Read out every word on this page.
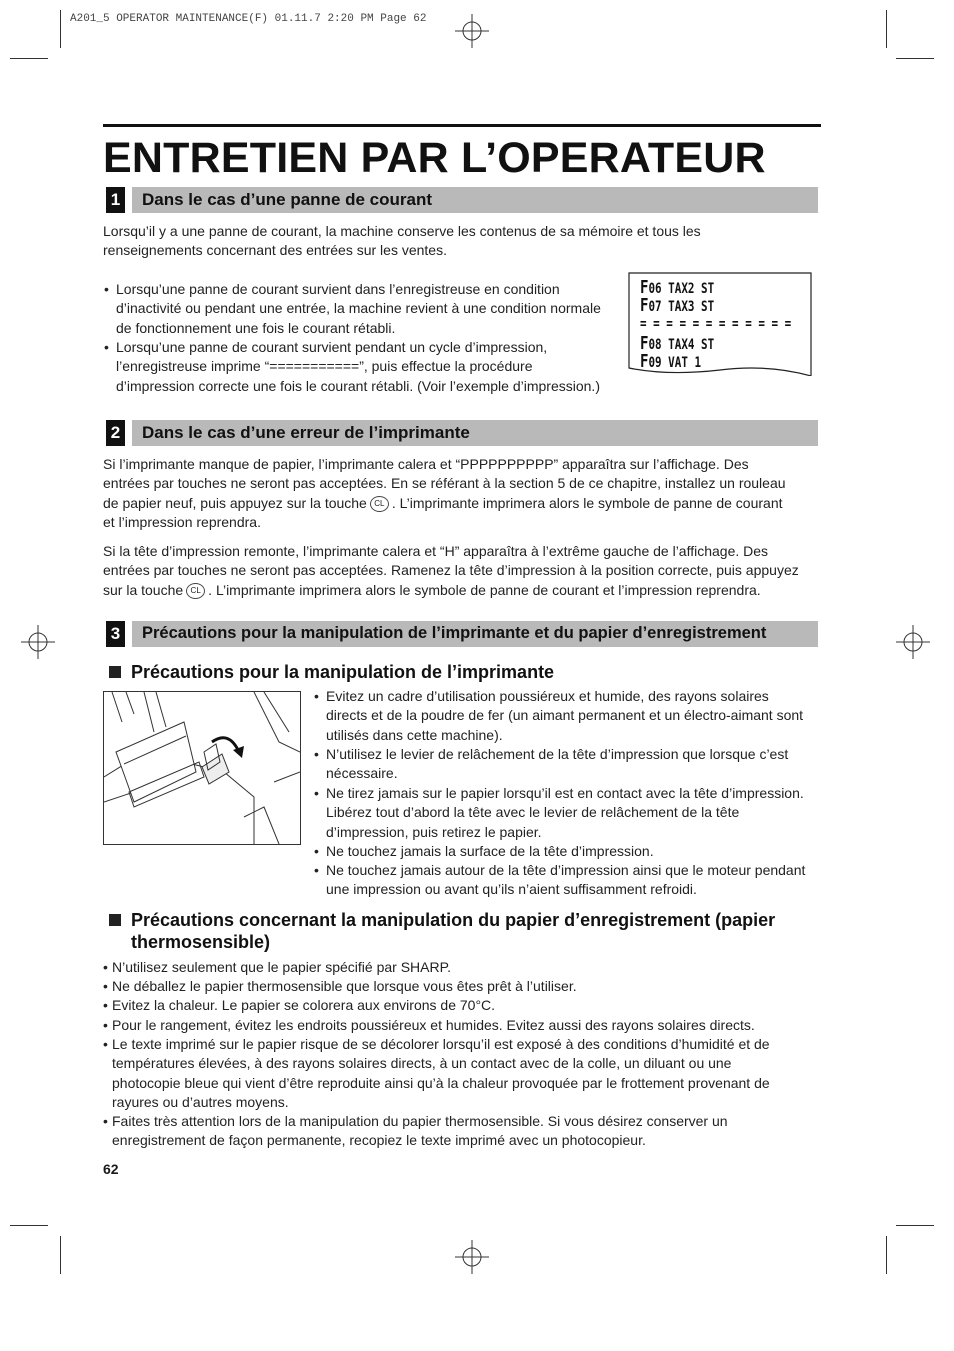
A201_5 OPERATOR MAINTENANCE(F) 01.11.7 2:20 PM Page 62
ENTRETIEN PAR L’OPERATEUR
1 Dans le cas d’une panne de courant
Lorsqu’il y a une panne de courant, la machine conserve les contenus de sa mémoire et tous les
renseignements concernant des entrées sur les ventes.
• Lorsqu’une panne de courant survient dans l’enregistreuse en condition
d’inactivité ou pendant une entrée, la machine revient à une condition normale
de fonctionnement une fois le courant rétabli.
• Lorsqu’une panne de courant survient pendant un cycle d’impression,
l’enregistreuse imprime “===========”, puis effectue la procédure
d’impression correcte une fois le courant rétabli. (Voir l’exemple d’impression.)
F06 TAX2 ST
F07 TAX3 ST
= = = = = = = = = = = =
F08 TAX4 ST
F09 VAT 1
2 Dans le cas d’une erreur de l’imprimante
Si l’imprimante manque de papier, l’imprimante calera et “PPPPPPPPPP” apparaîtra sur l’affichage. Des
entrées par touches ne seront pas acceptées. En se référant à la section 5 de ce chapitre, installez un rouleau
de papier neuf, puis appuyez sur la touche CL . L’imprimante imprimera alors le symbole de panne de courant
et l’impression reprendra.
Si la tête d’impression remonte, l’imprimante calera et “H” apparaîtra à l’extrême gauche de l’affichage. Des
entrées par touches ne seront pas acceptées. Ramenez la tête d’impression à la position correcte, puis appuyez
sur la touche CL . L’imprimante imprimera alors le symbole de panne de courant et l’impression reprendra.
3 Précautions pour la manipulation de l’imprimante et du papier d’enregistrement
Précautions pour la manipulation de l’imprimante
• Evitez un cadre d’utilisation poussiéreux et humide, des rayons solaires
directs et de la poudre de fer (un aimant permanent et un électro-aimant sont
utilisés dans cette machine).
• N’utilisez le levier de relâchement de la tête d’impression que lorsque c’est
nécessaire.
• Ne tirez jamais sur le papier lorsqu’il est en contact avec la tête d’impression.
Libérez tout d’abord la tête avec le levier de relâchement de la tête
d’impression, puis retirez le papier.
• Ne touchez jamais la surface de la tête d’impression.
• Ne touchez jamais autour de la tête d’impression ainsi que le moteur pendant
une impression ou avant qu’ils n’aient suffisamment refroidi.
Précautions concernant la manipulation du papier d’enregistrement (papier
thermosensible)
• N’utilisez seulement que le papier spécifié par SHARP.
• Ne déballez le papier thermosensible que lorsque vous êtes prêt à l’utiliser.
• Evitez la chaleur. Le papier se colorera aux environs de 70°C.
• Pour le rangement, évitez les endroits poussiéreux et humides. Evitez aussi des rayons solaires directs.
• Le texte imprimé sur le papier risque de se décolorer lorsqu’il est exposé à des conditions d’humidité et de
températures élevées, à des rayons solaires directs, à un contact avec de la colle, un diluant ou une
photocopie bleue qui vient d’être reproduite ainsi qu’à la chaleur provoquée par le frottement provenant de
rayures ou d’autres moyens.
• Faites très attention lors de la manipulation du papier thermosensible. Si vous désirez conserver un
enregistrement de façon permanente, recopiez le texte imprimé avec un photocopieur.
62
